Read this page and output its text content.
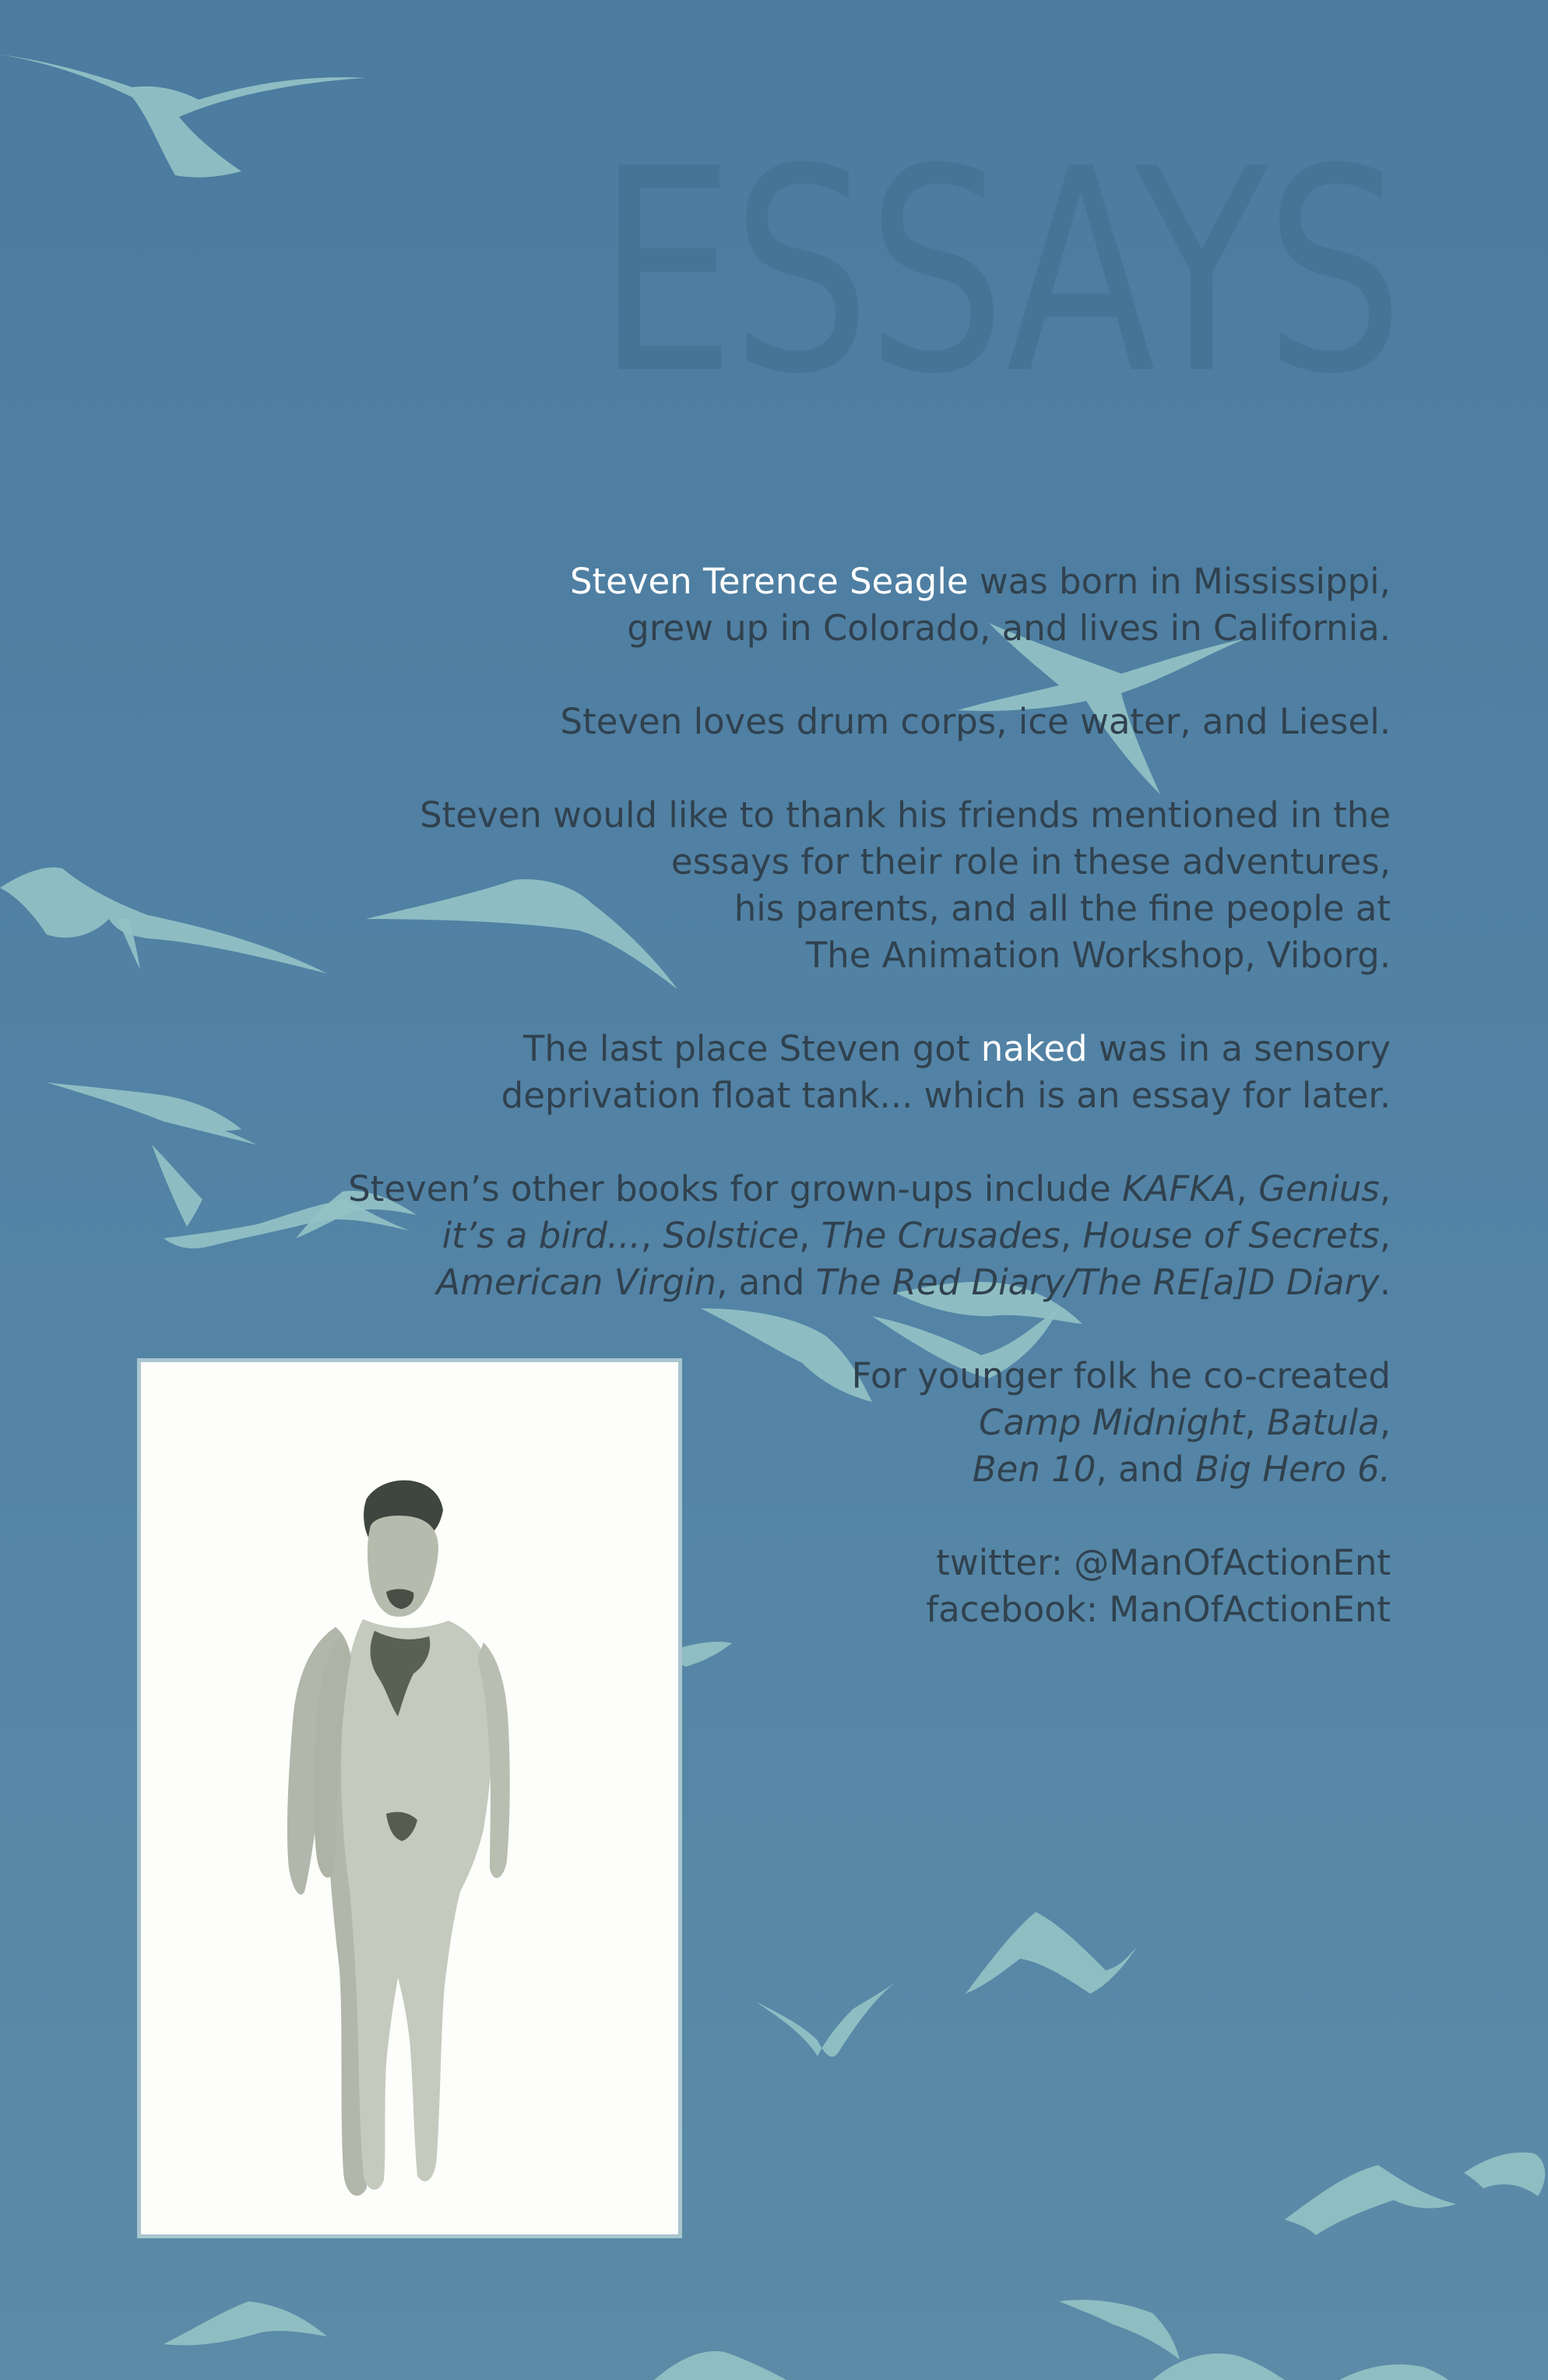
ESSAYS

Steven Terence Seagle was born in Mississippi,
grew up in Colorado, and lives in California.

Steven loves drum corps, ice water, and Liesel.

Steven would like to thank his friends mentioned in the
essays for their role in these adventures,
his parents, and all the fine people at
The Animation Workshop, Viborg.

The last place Steven got naked was in a sensory
deprivation float tank... which is an essay for later.

Steven’s other books for grown-ups include KAFKA, Genius,
it’s a bird..., Solstice, The Crusades, House of Secrets,
American Virgin, and The Red Diary/The RE[a]D Diary.

For younger folk he co-created
Camp Midnight, Batula,
Ben 10, and Big Hero 6.

twitter: @ManOfActionEnt
facebook: ManOfActionEnt
